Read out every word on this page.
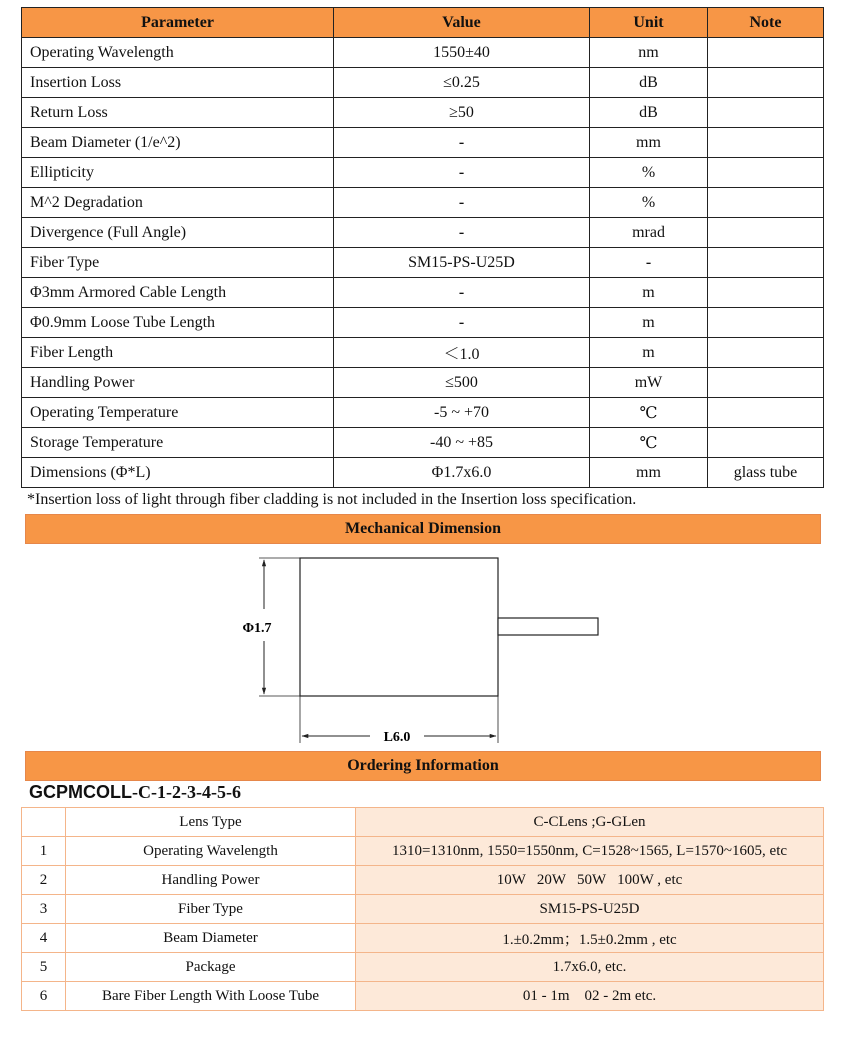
Parameter	Value	Unit	Note
Operating Wavelength	1550±40	nm	
Insertion Loss	≤0.25	dB	
Return Loss	≥50	dB	
Beam Diameter (1/e^2)	-	mm	
Ellipticity	-	%	
M^2 Degradation	-	%	
Divergence (Full Angle)	-	mrad	
Fiber Type	SM15-PS-U25D	-	
Φ3mm Armored Cable Length	-	m	
Φ0.9mm Loose Tube Length	-	m	
Fiber Length	＜1.0	m	
Handling Power	≤500	mW	
Operating Temperature	-5 ~ +70	℃	
Storage Temperature	-40 ~ +85	℃	
Dimensions (Φ*L)	Φ1.7x6.0	mm	glass tube
*Insertion loss of light through fiber cladding is not included in the Insertion loss specification.
Mechanical Dimension
Φ1.7
L6.0
Ordering Information
GCPMCOLL-C-1-2-3-4-5-6
	Lens Type	C-CLens ;G-GLen
1	Operating Wavelength	1310=1310nm, 1550=1550nm, C=1528~1565, L=1570~1605, etc
2	Handling Power	10W   20W   50W   100W , etc
3	Fiber Type	SM15-PS-U25D
4	Beam Diameter	1.±0.2mm；1.5±0.2mm , etc
5	Package	1.7x6.0, etc.
6	Bare Fiber Length With Loose Tube	01 - 1m    02 - 2m etc.
